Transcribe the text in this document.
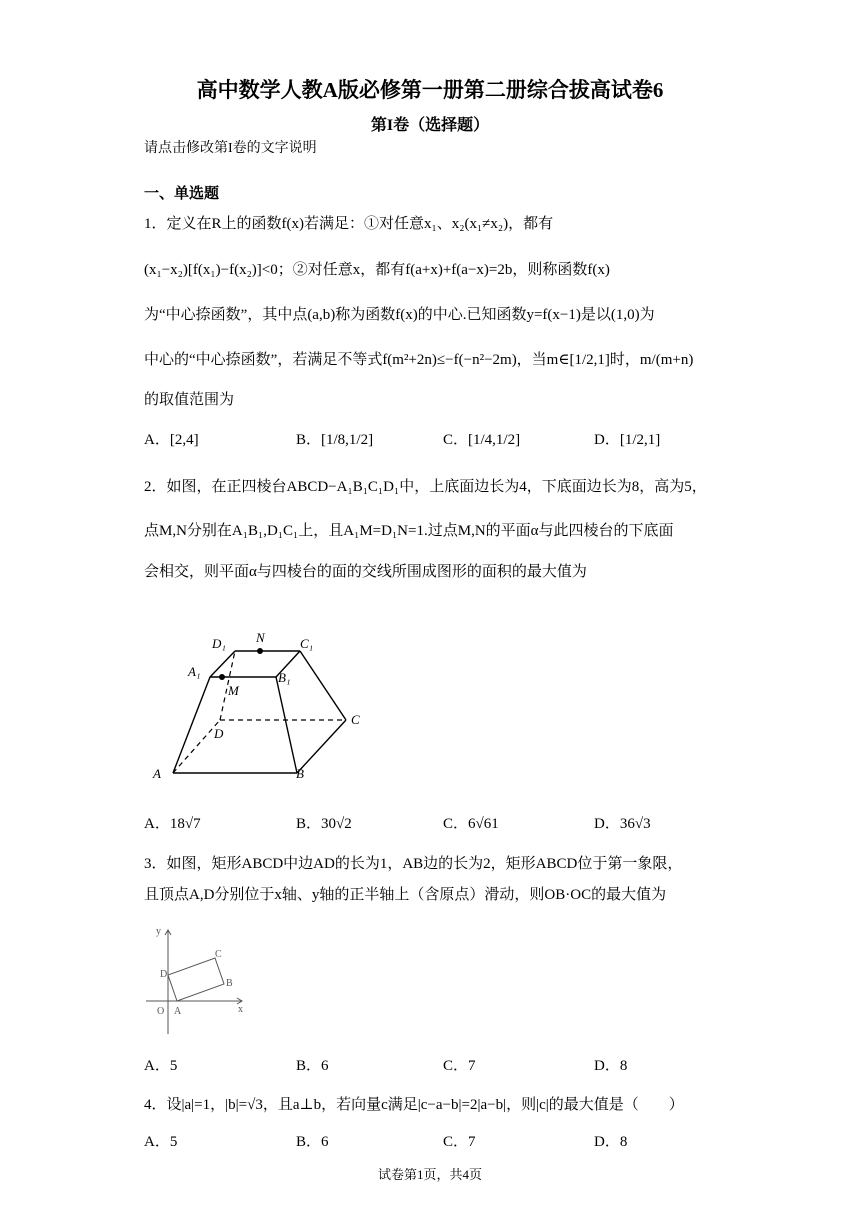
高中数学人教A版必修第一册第二册综合拔高试卷6
第I卷（选择题）
请点击修改第I卷的文字说明
一、单选题
1．定义在R上的函数f(x)若满足：①对任意x₁、x₂(x₁≠x₂)，都有
(x₁−x₂)[f(x₁)−f(x₂)]<0；②对任意x，都有f(a+x)+f(a−x)=2b，则称函数f(x)
为“中心捺函数”，其中点(a,b)称为函数f(x)的中心.已知函数y=f(x−1)是以(1,0)为
中心的“中心捺函数”，若满足不等式f(m²+2n)≤−f(−n²−2m)，当m∈[1/2,1]时，m/(m+n)
的取值范围为
A．[2,4]	B．[1/8,1/2]	C．[1/4,1/2]	D．[1/2,1]
2．如图，在正四棱台ABCD−A₁B₁C₁D₁中，上底面边长为4，下底面边长为8，高为5，
点M,N分别在A₁B₁,D₁C₁上，且A₁M=D₁N=1.过点M,N的平面α与此四棱台的下底面
会相交，则平面α与四棱台的面的交线所围成图形的面积的最大值为
D₁ N	C₁
A₁
M
B₁
D
C
A	B
A．18√7	B．30√2	C．6√61	D．36√3
3．如图，矩形ABCD中边AD的长为1，AB边的长为2，矩形ABCD位于第一象限，
且顶点A,D分别位于x轴、y轴的正半轴上（含原点）滑动，则OB·OC的最大值为
y
C
D
B
O A	x
A．5	B．6	C．7	D．8
4．设|a|=1，|b|=√3，且a⊥b，若向量c满足|c−a−b|=2|a−b|，则|c|的最大值是（　　）
A．5	B．6	C．7	D．8
试卷第1页，共4页
